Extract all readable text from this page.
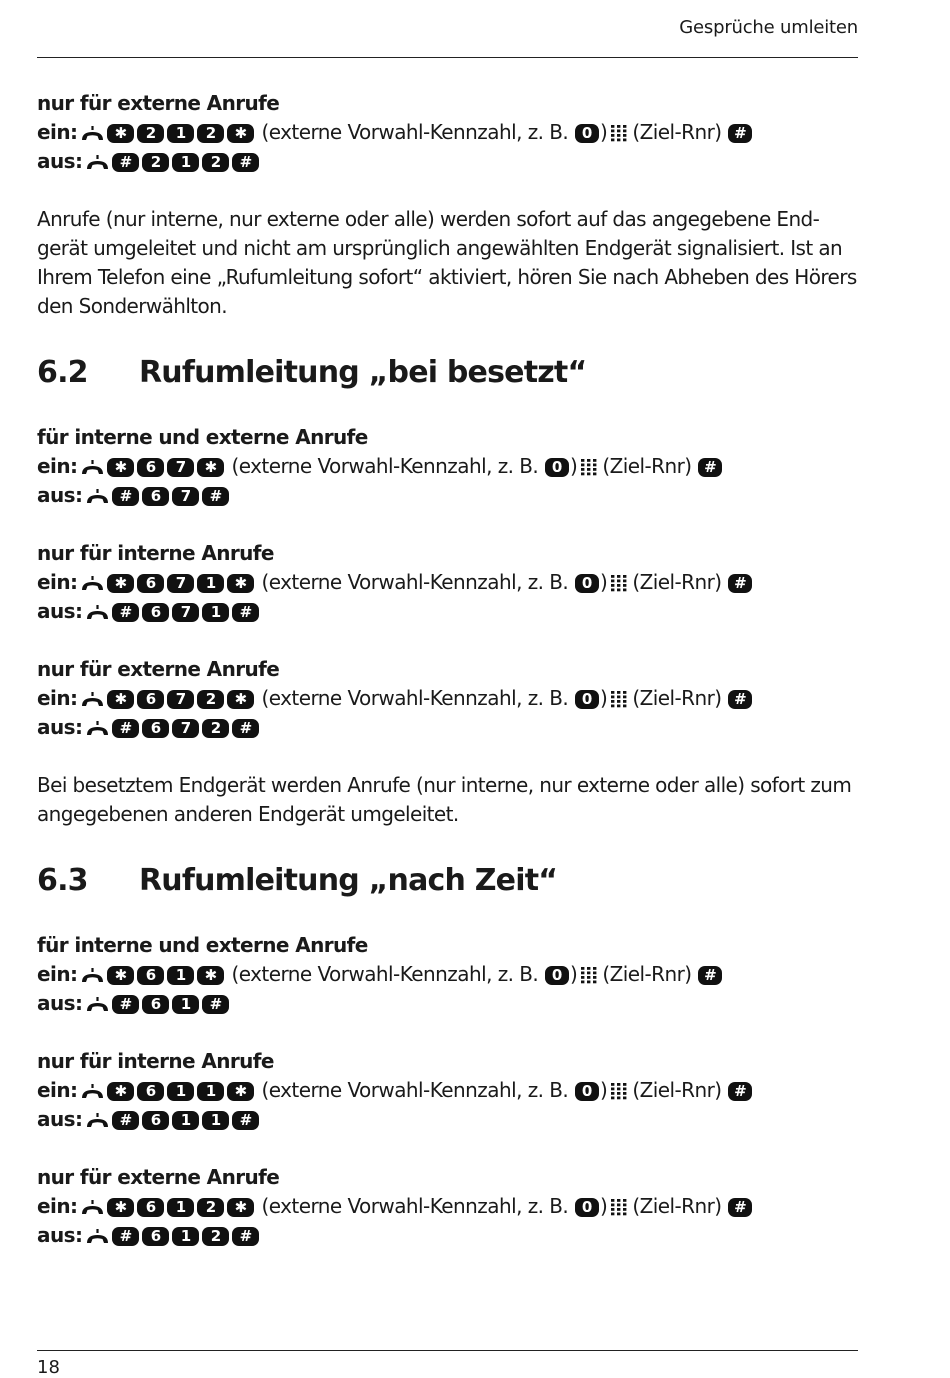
Gesprüche umleiten
nur für externe Anrufe
ein: ✱ 2 1 2 ✱ (externe Vorwahl-Kennzahl, z. B. 0 ) (Ziel-Rnr) #
aus: # 2 1 2 #

Anrufe (nur interne, nur externe oder alle) werden sofort auf das angegebene End-gerät umgeleitet und nicht am ursprünglich angewählten Endgerät signalisiert. Ist an Ihrem Telefon eine „Rufumleitung sofort“ aktiviert, hören Sie nach Abheben des Hörers den Sonderwählton.

6.2 Rufumleitung „bei besetzt“
für interne und externe Anrufe
ein: ✱ 6 7 ✱ (externe Vorwahl-Kennzahl, z. B. 0 ) (Ziel-Rnr) #
aus: # 6 7 #
nur für interne Anrufe
ein: ✱ 6 7 1 ✱ (externe Vorwahl-Kennzahl, z. B. 0 ) (Ziel-Rnr) #
aus: # 6 7 1 #
nur für externe Anrufe
ein: ✱ 6 7 2 ✱ (externe Vorwahl-Kennzahl, z. B. 0 ) (Ziel-Rnr) #
aus: # 6 7 2 #

Bei besetztem Endgerät werden Anrufe (nur interne, nur externe oder alle) sofort zum angegebenen anderen Endgerät umgeleitet.

6.3 Rufumleitung „nach Zeit“
für interne und externe Anrufe
ein: ✱ 6 1 ✱ (externe Vorwahl-Kennzahl, z. B. 0 ) (Ziel-Rnr) #
aus: # 6 1 #
nur für interne Anrufe
ein: ✱ 6 1 1 ✱ (externe Vorwahl-Kennzahl, z. B. 0 ) (Ziel-Rnr) #
aus: # 6 1 1 #
nur für externe Anrufe
ein: ✱ 6 1 2 ✱ (externe Vorwahl-Kennzahl, z. B. 0 ) (Ziel-Rnr) #
aus: # 6 1 2 #
18
